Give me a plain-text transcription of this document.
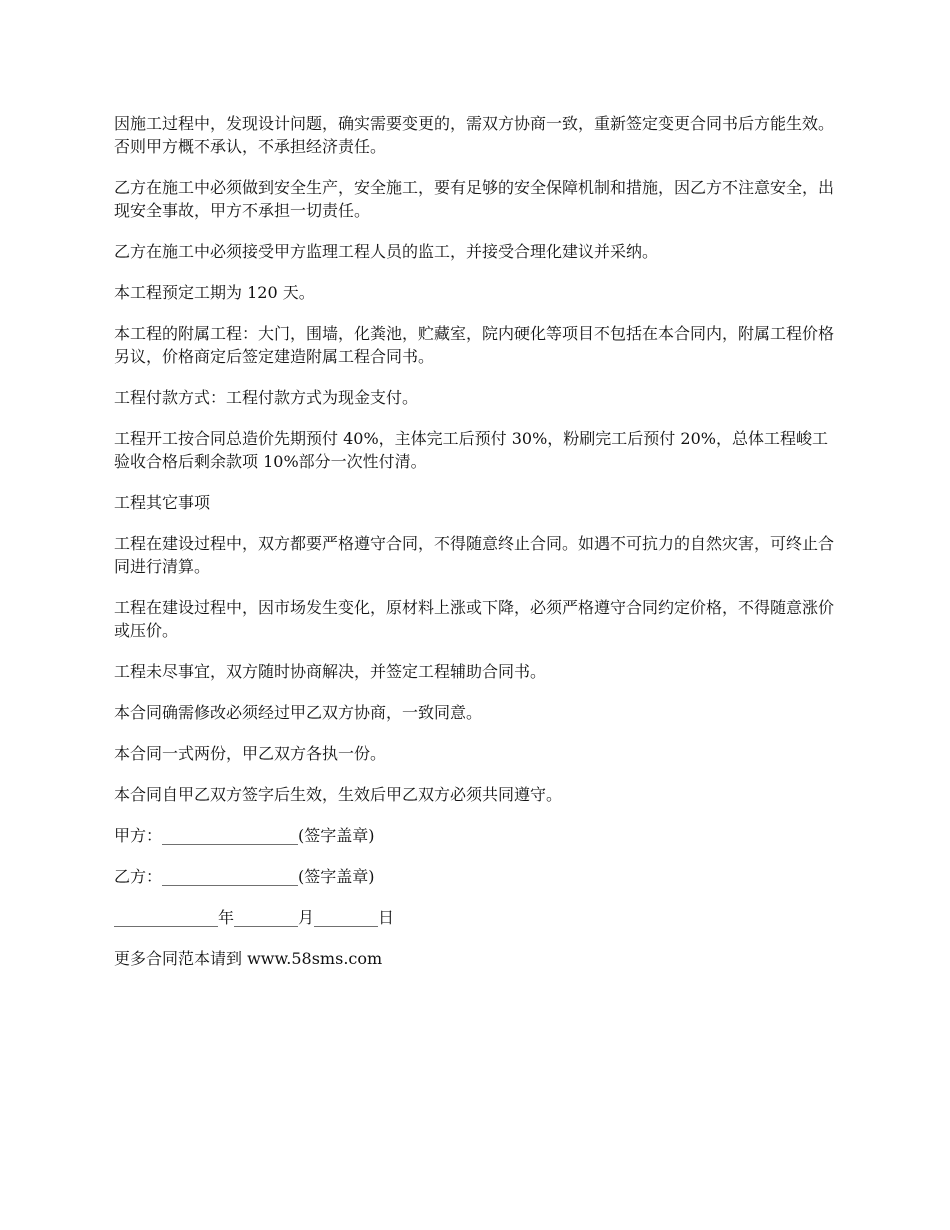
因施工过程中，发现设计问题，确实需要变更的，需双方协商一致，重新签定变更合同书后方能生效。否则甲方概不承认，不承担经济责任。

乙方在施工中必须做到安全生产，安全施工，要有足够的安全保障机制和措施，因乙方不注意安全，出现安全事故，甲方不承担一切责任。

乙方在施工中必须接受甲方监理工程人员的监工，并接受合理化建议并采纳。

本工程预定工期为 120 天。

本工程的附属工程：大门，围墙，化粪池，贮藏室，院内硬化等项目不包括在本合同内，附属工程价格另议，价格商定后签定建造附属工程合同书。

工程付款方式：工程付款方式为现金支付。

工程开工按合同总造价先期预付 40%，主体完工后预付 30%，粉刷完工后预付 20%，总体工程峻工验收合格后剩余款项 10%部分一次性付清。

工程其它事项

工程在建设过程中，双方都要严格遵守合同，不得随意终止合同。如遇不可抗力的自然灾害，可终止合同进行清算。

工程在建设过程中，因市场发生变化，原材料上涨或下降，必须严格遵守合同约定价格，不得随意涨价或压价。

工程未尽事宜，双方随时协商解决，并签定工程辅助合同书。

本合同确需修改必须经过甲乙双方协商，一致同意。

本合同一式两份，甲乙双方各执一份。

本合同自甲乙双方签字后生效，生效后甲乙双方必须共同遵守。

甲方：_________________(签字盖章)

乙方：_________________(签字盖章)

_____________年________月________日

更多合同范本请到 www.58sms.com
